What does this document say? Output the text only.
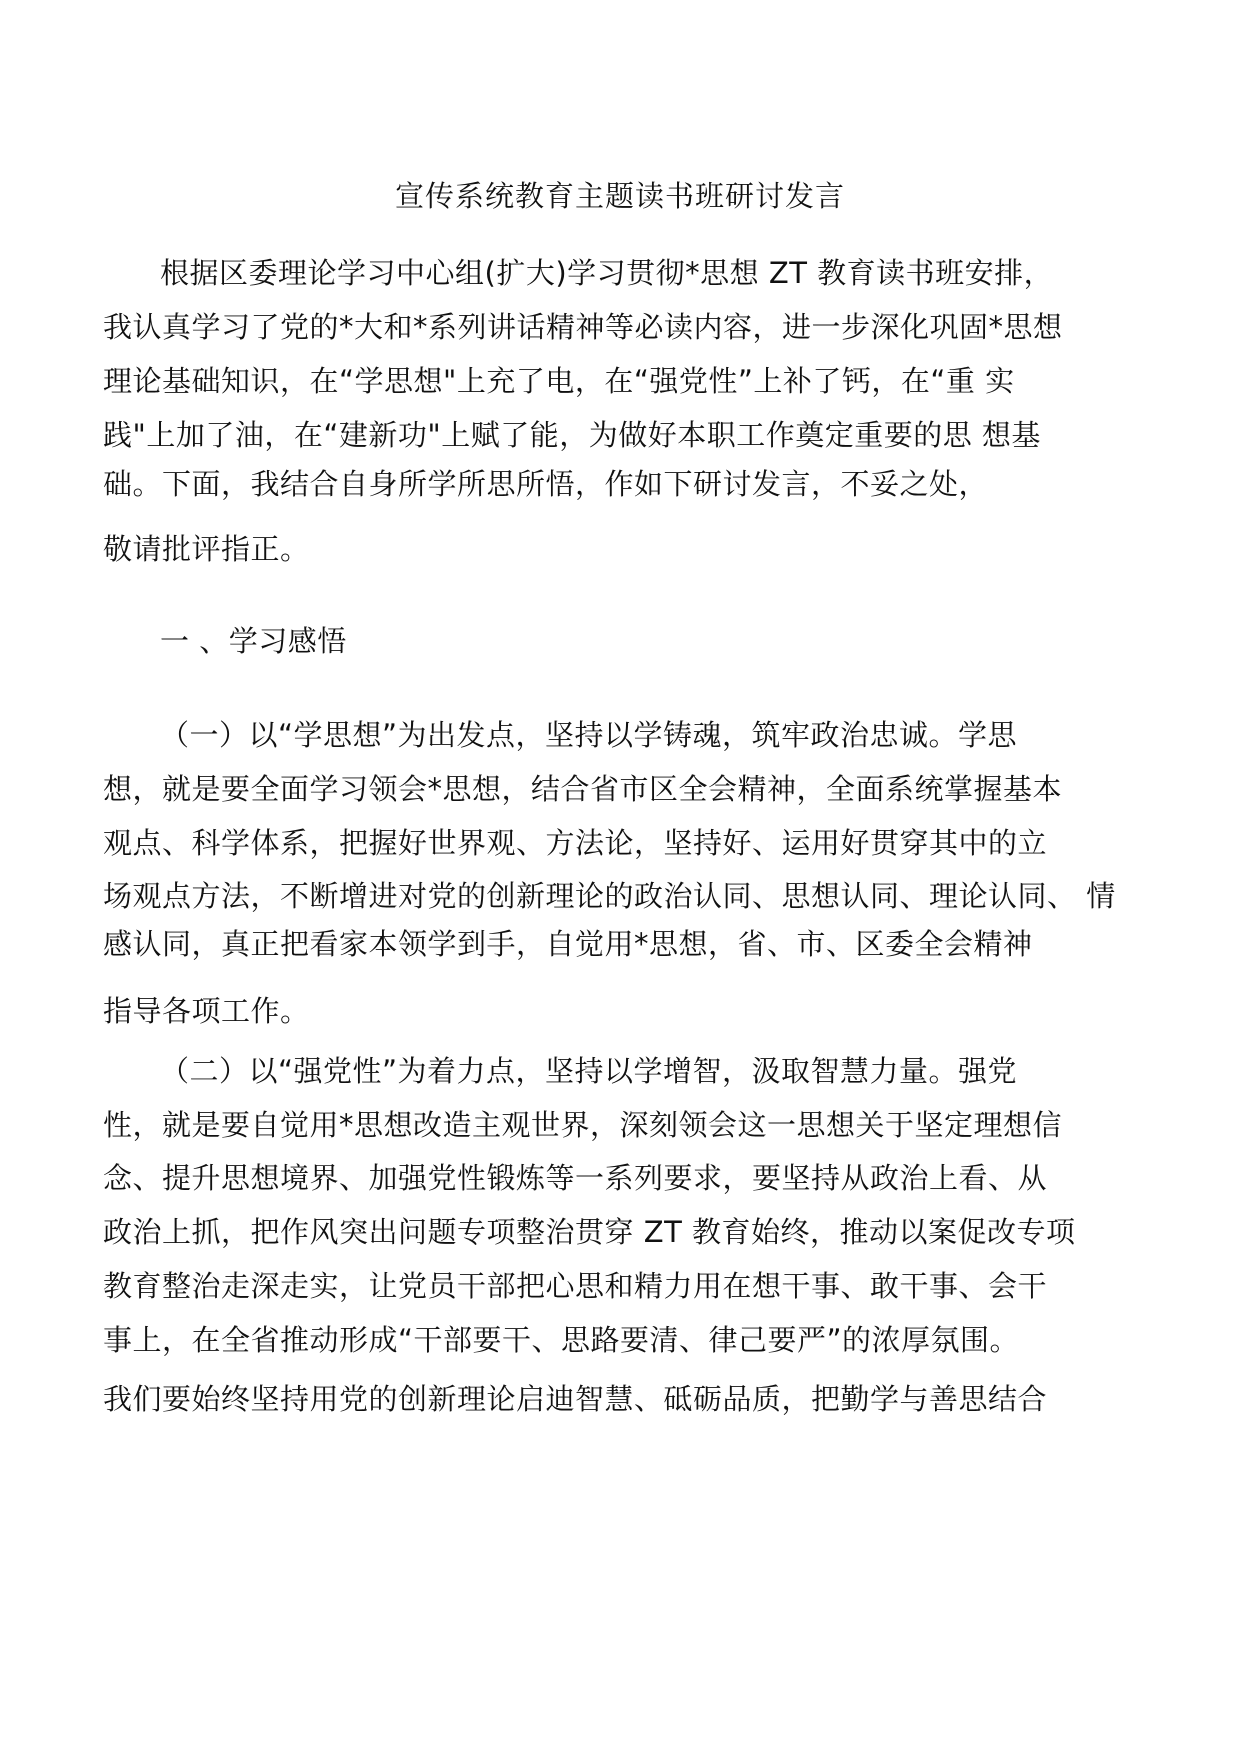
宣传系统教育主题读书班研讨发言
根据区委理论学习中心组(扩大)学习贯彻*思想 ZT 教育读书班安排，
我认真学习了党的*大和*系列讲话精神等必读内容，进一步深化巩固*思想
理论基础知识，在“学思想"上充了电，在“强党性”上补了钙，在“重 实
践"上加了油，在“建新功"上赋了能，为做好本职工作奠定重要的思 想基
础。下面，我结合自身所学所思所悟，作如下研讨发言，不妥之处，
敬请批评指正。
一 、学习感悟
（一）以“学思想”为出发点，坚持以学铸魂，筑牢政治忠诚。学思
想，就是要全面学习领会*思想，结合省市区全会精神，全面系统掌握基本
观点、科学体系，把握好世界观、方法论，坚持好、运用好贯穿其中的立
场观点方法，不断增进对党的创新理论的政治认同、思想认同、理论认同、 情
感认同，真正把看家本领学到手，自觉用*思想，省、市、区委全会精神
指导各项工作。
（二）以“强党性”为着力点，坚持以学增智，汲取智慧力量。强党
性，就是要自觉用*思想改造主观世界，深刻领会这一思想关于坚定理想信
念、提升思想境界、加强党性锻炼等一系列要求，要坚持从政治上看、从
政治上抓，把作风突出问题专项整治贯穿 ZT 教育始终，推动以案促改专项
教育整治走深走实，让党员干部把心思和精力用在想干事、敢干事、会干
事上，在全省推动形成“干部要干、思路要清、律己要严”的浓厚氛围。
我们要始终坚持用党的创新理论启迪智慧、砥砺品质，把勤学与善思结合
